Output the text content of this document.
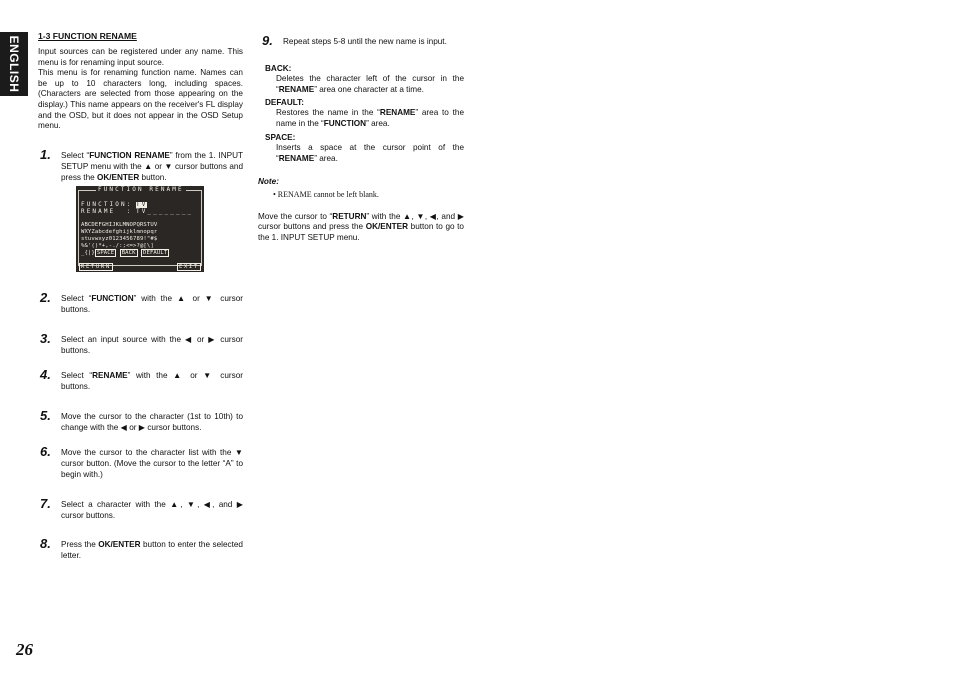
ENGLISH 1-3 FUNCTION RENAME

Input sources can be registered under any name. This menu is for renaming input source.

This menu is for renaming function name. Names can be up to 10 characters long, including spaces. (Characters are selected from those appearing on the display.) This name appears on the receiver's FL display and the OSD, but it does not appear in the OSD Setup menu.

1. Select “FUNCTION RENAME” from the 1. INPUT SETUP menu with the ▲ or ▼ cursor buttons and press the OK/ENTER button.
FUNCTION RENAME
FUNCTION: TV
RENAME  : TV________
ABCDEFGHIJKLMNOPQRSTUV
WXYZabcdefghijklmnopqr
stuvwxyz0123456789!"#$
%&'()*+,-./:;<=>?@[\]
_{|} SPACE BACK DEFAULT
RETURN	EXIT
2. Select “FUNCTION” with the ▲ or ▼ cursor buttons.
3. Select an input source with the ◀ or ▶ cursor buttons.
4. Select “RENAME” with the ▲ or ▼ cursor buttons.
5. Move the cursor to the character (1st to 10th) to change with the ◀ or ▶ cursor buttons.
6. Move the cursor to the character list with the ▼ cursor button. (Move the cursor to the letter “A” to begin with.)
7. Select a character with the ▲, ▼, ◀, and ▶ cursor buttons.
8. Press the OK/ENTER button to enter the selected letter.
9. Repeat steps 5-8 until the new name is input.
BACK:
Deletes the character left of the cursor in the “RENAME” area one character at a time.
DEFAULT:
Restores the name in the “RENAME” area to the name in the “FUNCTION” area.
SPACE:
Inserts a space at the cursor point of the “RENAME” area.
Note:
• RENAME cannot be left blank.
Move the cursor to “RETURN” with the ▲, ▼, ◀, and ▶ cursor buttons and press the OK/ENTER button to go to the 1. INPUT SETUP menu.
26
